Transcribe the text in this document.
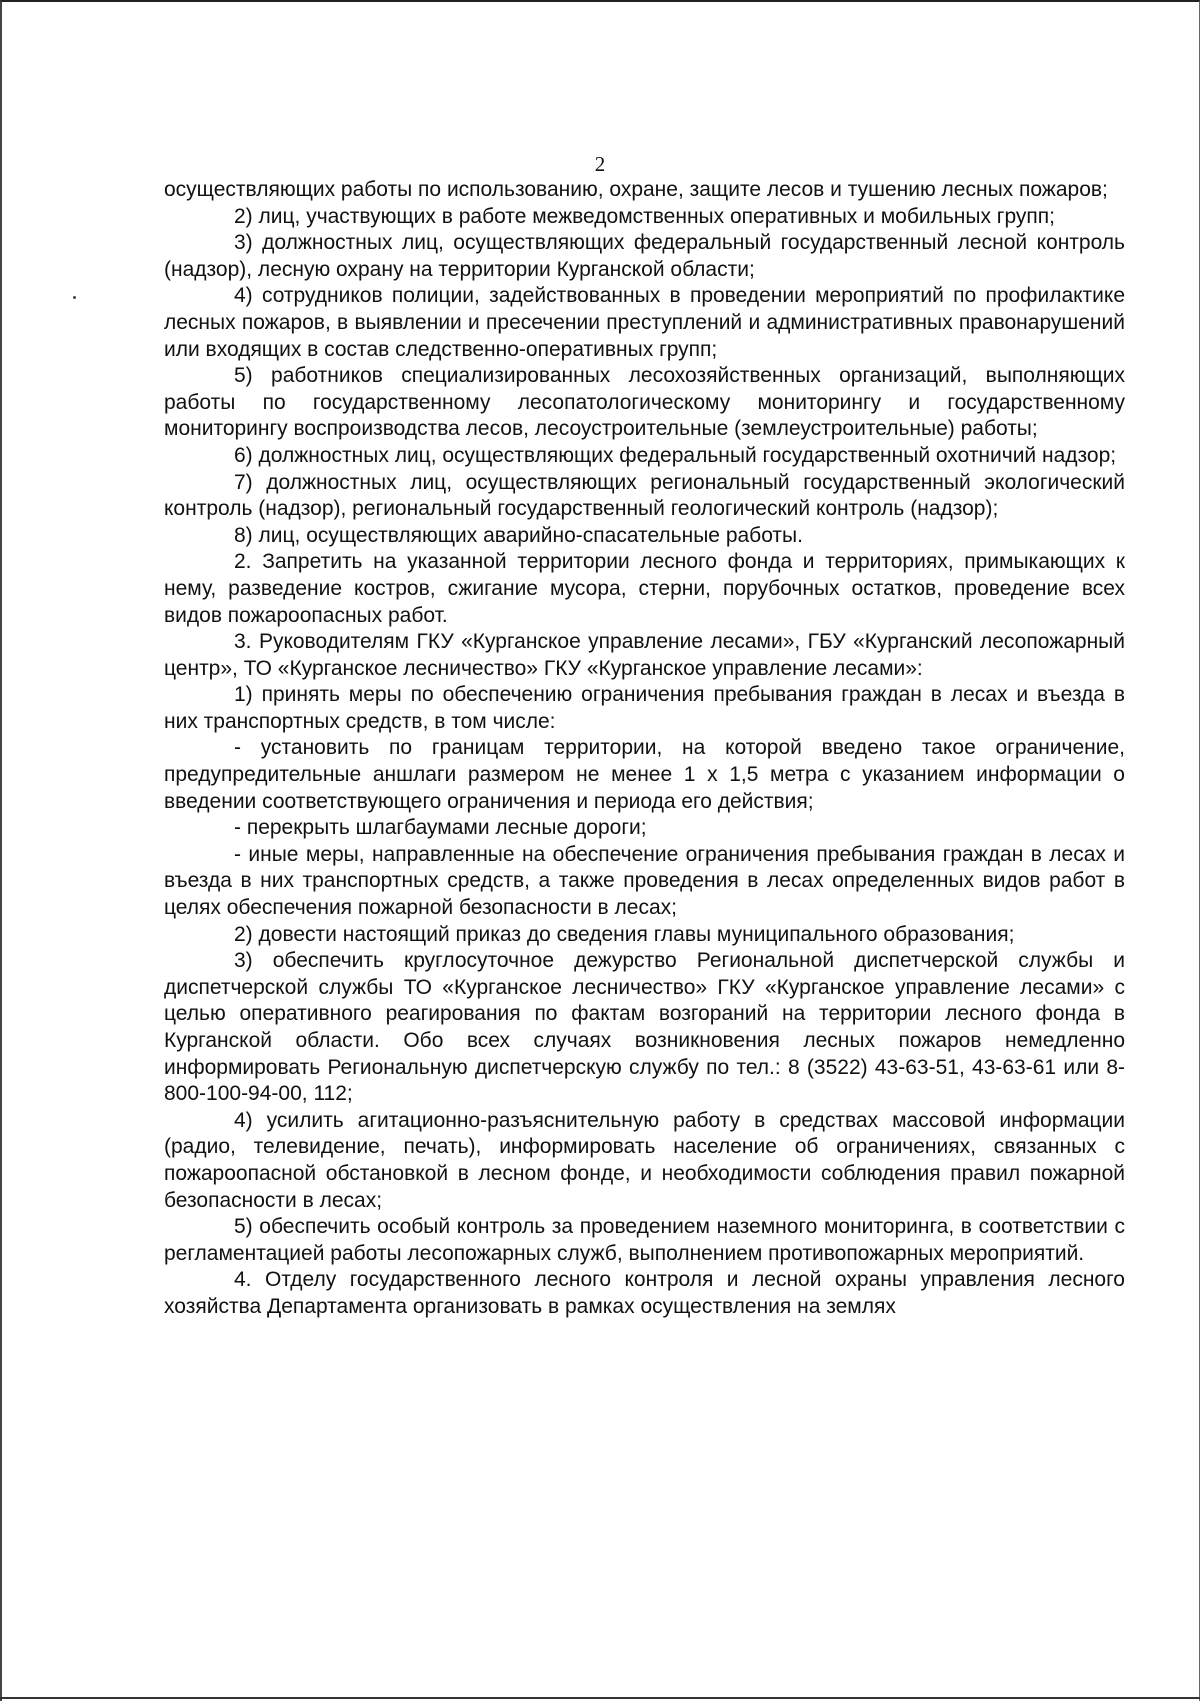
2

осуществляющих работы по использованию, охране, защите лесов и тушению лесных пожаров;

2) лиц, участвующих в работе межведомственных оперативных и мобильных групп;

3) должностных лиц, осуществляющих федеральный государственный лесной контроль (надзор), лесную охрану на территории Курганской области;

4) сотрудников полиции, задействованных в проведении мероприятий по профилактике лесных пожаров, в выявлении и пресечении преступлений и административных правонарушений или входящих в состав следственно-оперативных групп;

5) работников специализированных лесохозяйственных организаций, выполняющих работы по государственному лесопатологическому мониторингу и государственному мониторингу воспроизводства лесов, лесоустроительные (землеустроительные) работы;

6) должностных лиц, осуществляющих федеральный государственный охотничий надзор;

7) должностных лиц, осуществляющих региональный государственный экологический контроль (надзор), региональный государственный геологический контроль (надзор);

8) лиц, осуществляющих аварийно-спасательные работы.

2. Запретить на указанной территории лесного фонда и территориях, примыкающих к нему, разведение костров, сжигание мусора, стерни, порубочных остатков, проведение всех видов пожароопасных работ.

3. Руководителям ГКУ «Курганское управление лесами», ГБУ «Курганский лесопожарный центр», ТО «Курганское лесничество» ГКУ «Курганское управление лесами»:

1) принять меры по обеспечению ограничения пребывания граждан в лесах и въезда в них транспортных средств, в том числе:

- установить по границам территории, на которой введено такое ограничение, предупредительные аншлаги размером не менее 1 х 1,5 метра с указанием информации о введении соответствующего ограничения и периода его действия;

- перекрыть шлагбаумами лесные дороги;

- иные меры, направленные на обеспечение ограничения пребывания граждан в лесах и въезда в них транспортных средств, а также проведения в лесах определенных видов работ в целях обеспечения пожарной безопасности в лесах;

2) довести настоящий приказ до сведения главы муниципального образования;

3) обеспечить круглосуточное дежурство Региональной диспетчерской службы и диспетчерской службы ТО «Курганское лесничество» ГКУ «Курганское управление лесами» с целью оперативного реагирования по фактам возгораний на территории лесного фонда в Курганской области. Обо всех случаях возникновения лесных пожаров немедленно информировать Региональную диспетчерскую службу по тел.: 8 (3522) 43-63-51, 43-63-61 или 8-800-100-94-00, 112;

4) усилить агитационно-разъяснительную работу в средствах массовой информации (радио, телевидение, печать), информировать население об ограничениях, связанных с пожароопасной обстановкой в лесном фонде, и необходимости соблюдения правил пожарной безопасности в лесах;

5) обеспечить особый контроль за проведением наземного мониторинга, в соответствии с регламентацией работы лесопожарных служб, выполнением противопожарных мероприятий.

4. Отделу государственного лесного контроля и лесной охраны управления лесного хозяйства Департамента организовать в рамках осуществления на землях
